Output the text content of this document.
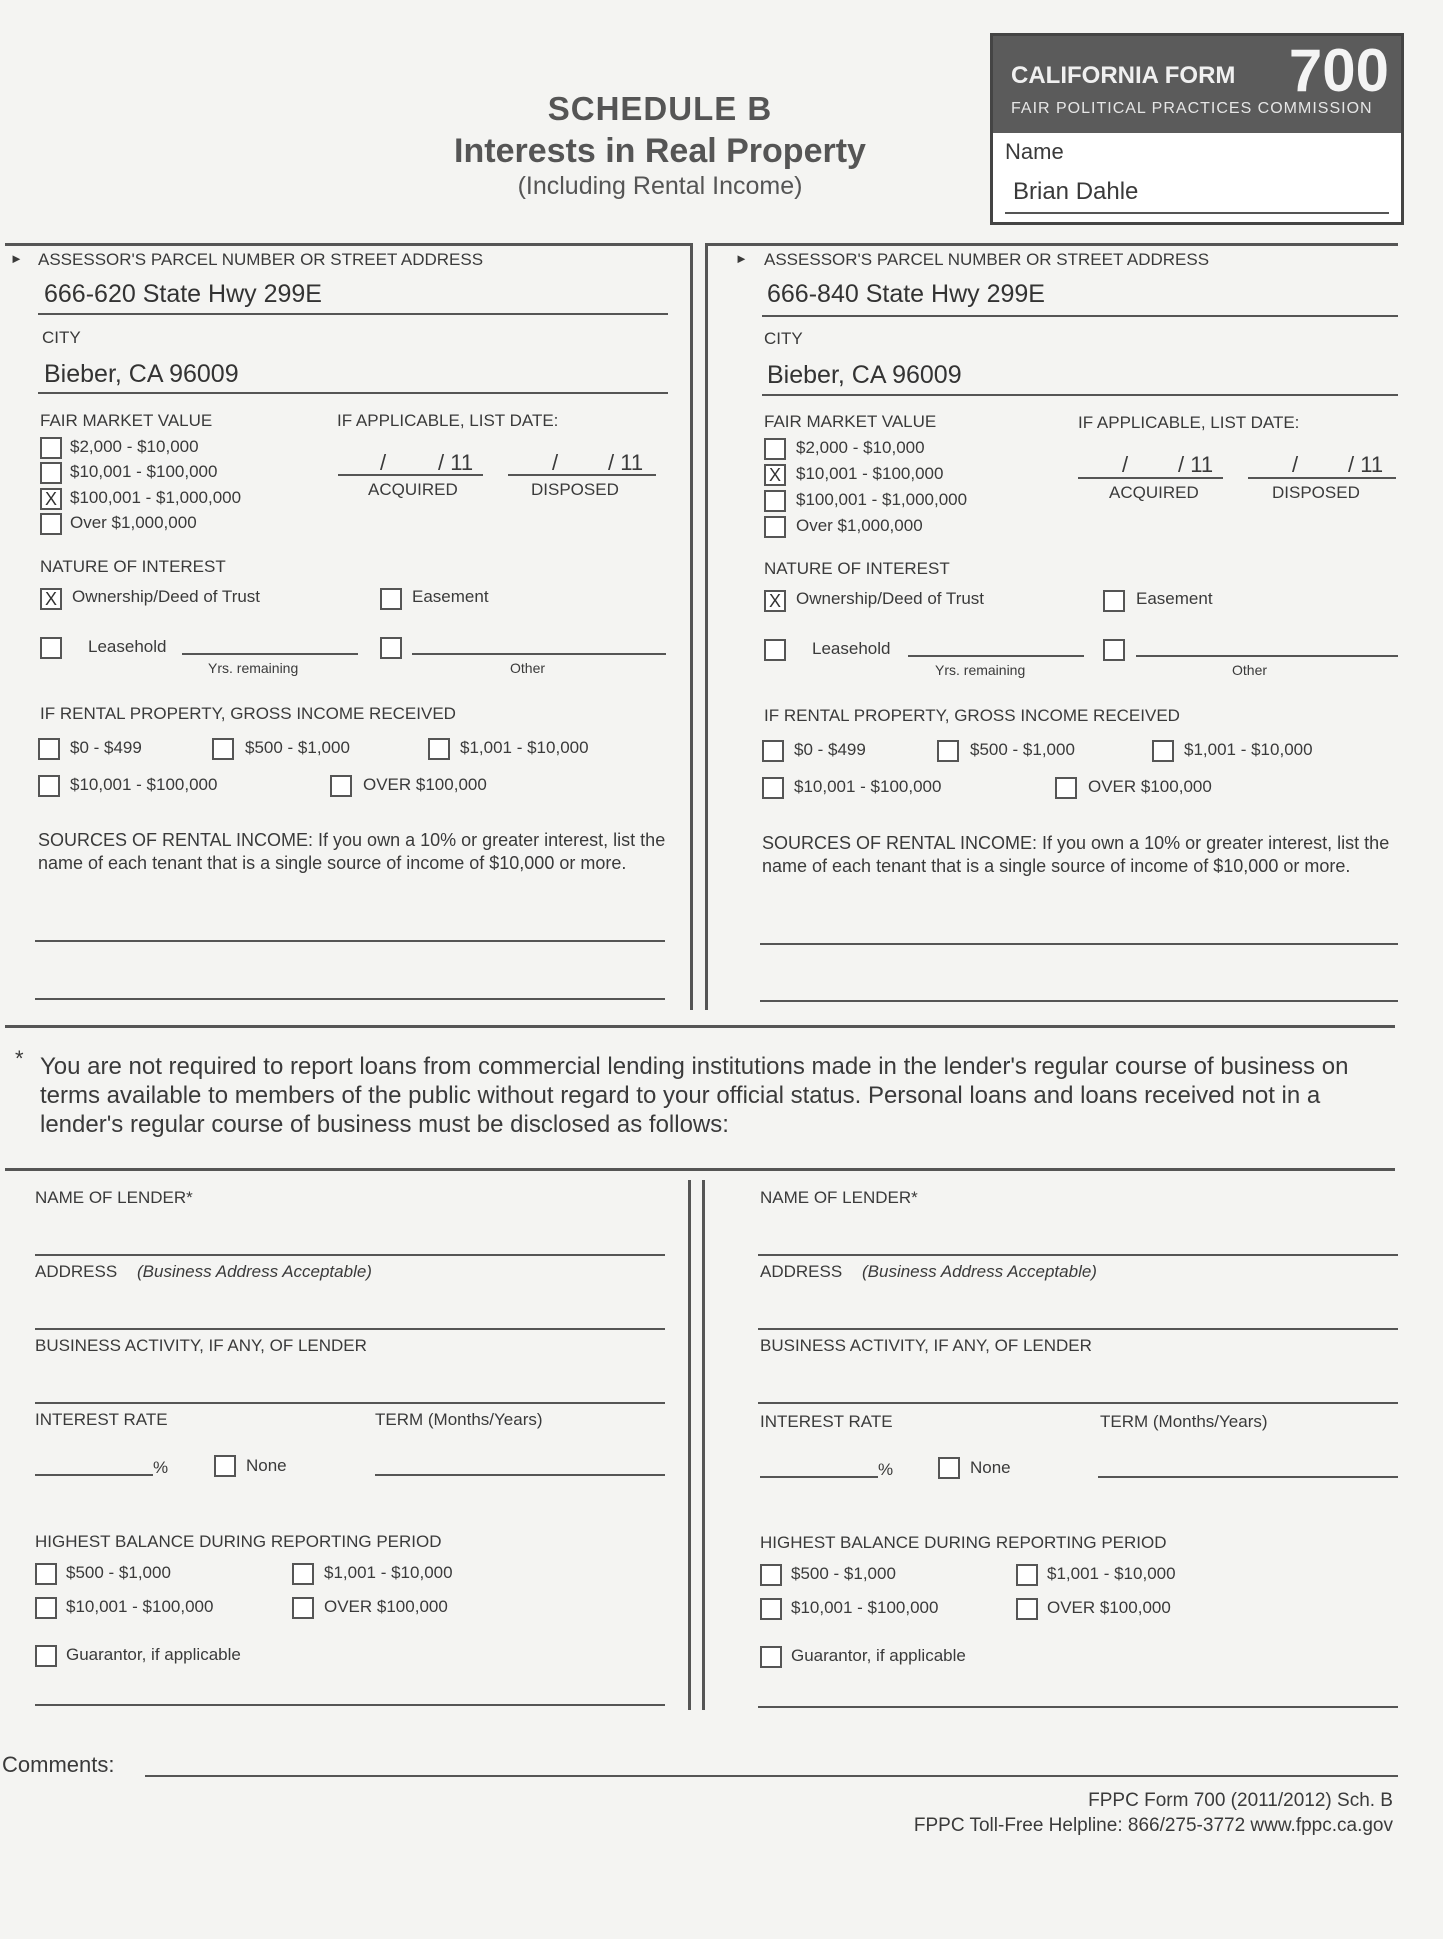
SCHEDULE B
Interests in Real Property
(Including Rental Income)
CALIFORNIA FORM 700
FAIR POLITICAL PRACTICES COMMISSION
Name
Brian Dahle
► ASSESSOR'S PARCEL NUMBER OR STREET ADDRESS
666-620 State Hwy 299E
CITY
Bieber, CA 96009
FAIR MARKET VALUE
$2,000 - $10,000
$10,001 - $100,000
X $100,001 - $1,000,000
Over $1,000,000
IF APPLICABLE, LIST DATE:
/ / 11
ACQUIRED
/ / 11
DISPOSED
NATURE OF INTEREST
X Ownership/Deed of Trust	Easement
Leasehold
Yrs. remaining	Other
IF RENTAL PROPERTY, GROSS INCOME RECEIVED
$0 - $499	$500 - $1,000	$1,001 - $10,000
$10,001 - $100,000	OVER $100,000
SOURCES OF RENTAL INCOME: If you own a 10% or greater interest, list the name of each tenant that is a single source of income of $10,000 or more.
► ASSESSOR'S PARCEL NUMBER OR STREET ADDRESS
666-840 State Hwy 299E
CITY
Bieber, CA 96009
FAIR MARKET VALUE
$2,000 - $10,000
X $10,001 - $100,000
$100,001 - $1,000,000
Over $1,000,000
IF APPLICABLE, LIST DATE:
/ / 11
ACQUIRED
/ / 11
DISPOSED
NATURE OF INTEREST
X Ownership/Deed of Trust	Easement
Leasehold
Yrs. remaining	Other
IF RENTAL PROPERTY, GROSS INCOME RECEIVED
$0 - $499	$500 - $1,000	$1,001 - $10,000
$10,001 - $100,000	OVER $100,000
SOURCES OF RENTAL INCOME: If you own a 10% or greater interest, list the name of each tenant that is a single source of income of $10,000 or more.
* You are not required to report loans from commercial lending institutions made in the lender's regular course of business on terms available to members of the public without regard to your official status. Personal loans and loans received not in a lender's regular course of business must be disclosed as follows:
NAME OF LENDER*
ADDRESS (Business Address Acceptable)
BUSINESS ACTIVITY, IF ANY, OF LENDER
INTEREST RATE	TERM (Months/Years)
%	None
HIGHEST BALANCE DURING REPORTING PERIOD
$500 - $1,000	$1,001 - $10,000
$10,001 - $100,000	OVER $100,000
Guarantor, if applicable
NAME OF LENDER*
ADDRESS (Business Address Acceptable)
BUSINESS ACTIVITY, IF ANY, OF LENDER
INTEREST RATE	TERM (Months/Years)
%	None
HIGHEST BALANCE DURING REPORTING PERIOD
$500 - $1,000	$1,001 - $10,000
$10,001 - $100,000	OVER $100,000
Guarantor, if applicable
Comments:
FPPC Form 700 (2011/2012) Sch. B
FPPC Toll-Free Helpline: 866/275-3772 www.fppc.ca.gov
